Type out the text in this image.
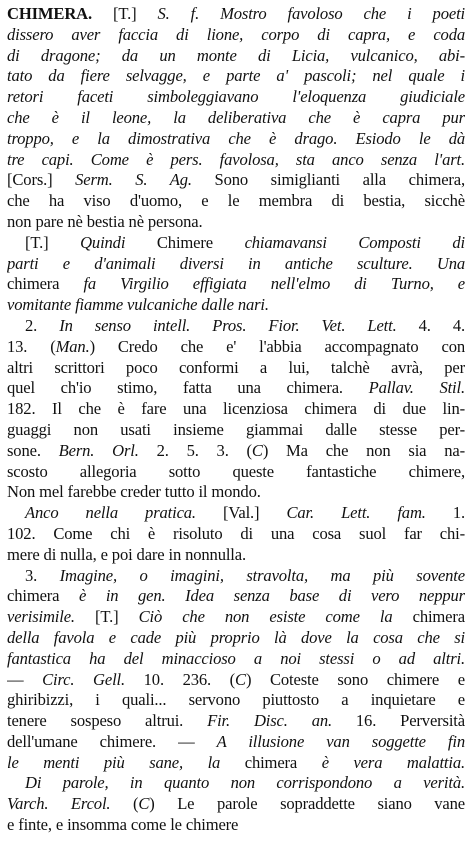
CHIMERA. [T.] S. f. Mostro favoloso che i poeti
dissero aver faccia di lione, corpo di capra, e coda
di dragone; da un monte di Licia, vulcanico, abi-
tato da fiere selvagge, e parte a' pascoli; nel quale i
retori faceti simboleggiavano l'eloquenza giudiciale
che è il leone, la deliberativa che è capra pur
troppo, e la dimostrativa che è drago. Esiodo le dà
tre capi. Come è pers. favolosa, sta anco senza l'art.
[Cors.] Serm. S. Ag. Sono simiglianti alla chimera,
che ha viso d'uomo, e le membra di bestia, sicchè
non pare nè bestia nè persona.
[T.] Quindi Chimere chiamavansi Composti di
parti e d'animali diversi in antiche sculture. Una
chimera fa Virgilio effigiata nell'elmo di Turno, e
vomitante fiamme vulcaniche dalle nari.
2. In senso intell. Pros. Fior. Vet. Lett. 4. 4.
13. (Man.) Credo che e' l'abbia accompagnato con
altri scrittori poco conformi a lui, talchè avrà, per
quel ch'io stimo, fatta una chimera. Pallav. Stil.
182. Il che è fare una licenziosa chimera di due lin-
guaggi non usati insieme giammai dalle stesse per-
sone. Bern. Orl. 2. 5. 3. (C) Ma che non sia na-
scosto allegoria sotto queste fantastiche chimere,
Non mel farebbe creder tutto il mondo.
Anco nella pratica. [Val.] Car. Lett. fam. 1.
102. Come chi è risoluto di una cosa suol far chi-
mere di nulla, e poi dare in nonnulla.
3. Imagine, o imagini, stravolta, ma più sovente
chimera è in gen. Idea senza base di vero neppur
verisimile. [T.] Ciò che non esiste come la chimera
della favola e cade più proprio là dove la cosa che si
fantastica ha del minaccioso a noi stessi o ad altri.
— Circ. Gell. 10. 236. (C) Coteste sono chimere e
ghiribizzi, i quali... servono piuttosto a inquietare e
tenere sospeso altrui. Fir. Disc. an. 16. Perversità
dell'umane chimere. — A illusione van soggette fin
le menti più sane, la chimera è vera malattia.
Di parole, in quanto non corrispondono a verità.
Varch. Ercol. (C) Le parole sopraddette siano vane
e finte, e insomma come le chimere
